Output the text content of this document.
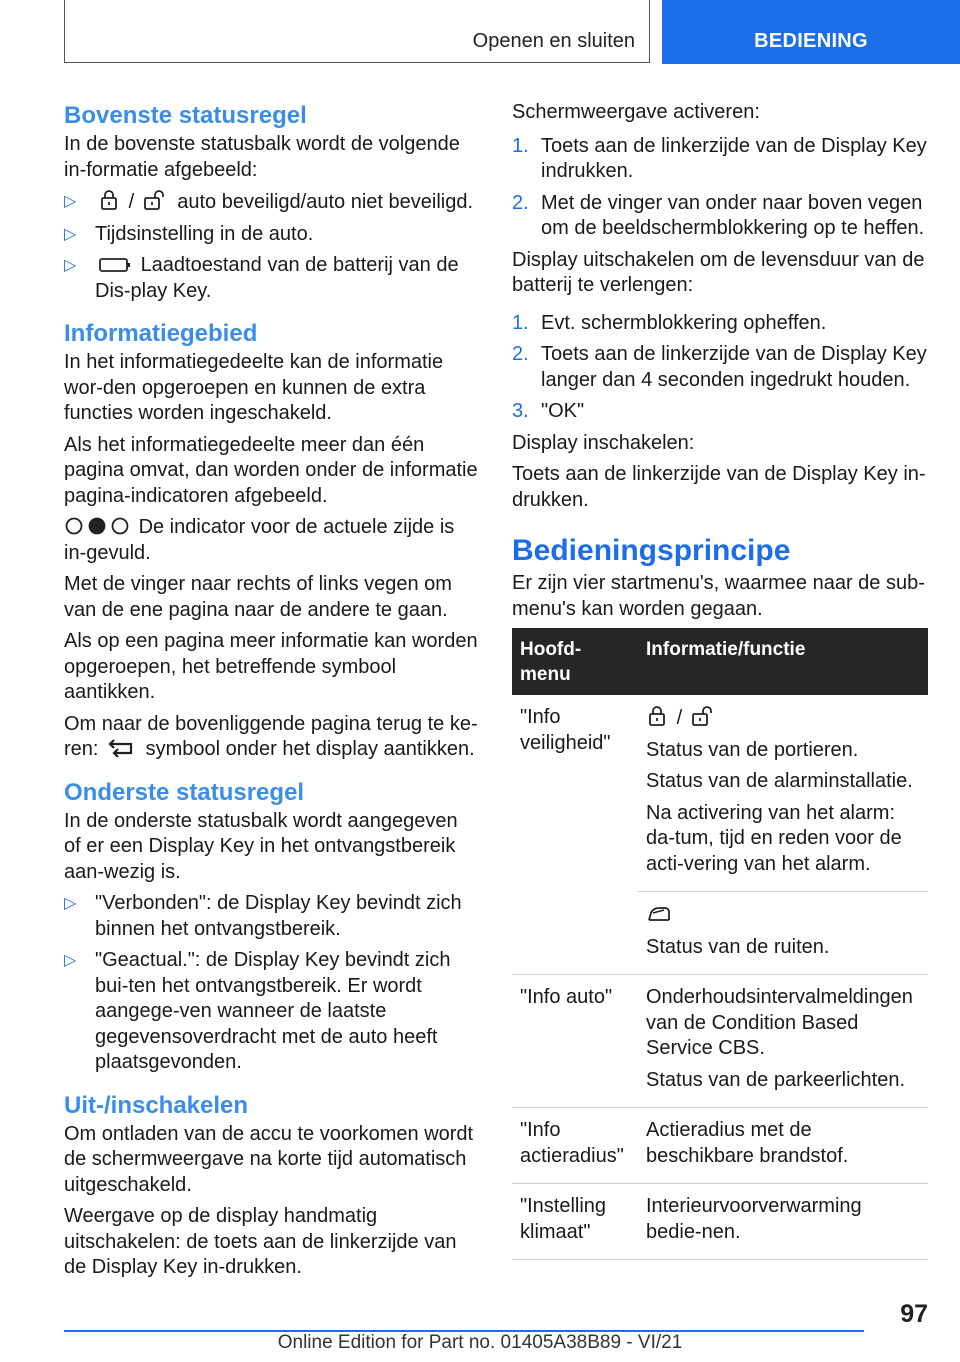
Openen en sluiten	BEDIENING
Bovenste statusregel

In de bovenste statusbalk wordt de volgende in-formatie afgebeeld:

▷	/ auto beveiligd/auto niet beveiligd.
▷ Tijdsinstelling in de auto.
▷	Laadtoestand van de batterij van de Dis-play Key.
Informatiegebied

In het informatiegedeelte kan de informatie wor-den opgeroepen en kunnen de extra functies worden ingeschakeld.

Als het informatiegedeelte meer dan één pagina omvat, dan worden onder de informatie pagina-indicatoren afgebeeld.

De indicator voor de actuele zijde is in-gevuld.

Met de vinger naar rechts of links vegen om van de ene pagina naar de andere te gaan.

Als op een pagina meer informatie kan worden opgeroepen, het betreffende symbool aantikken.

Om naar de bovenliggende pagina terug te ke-ren: symbool onder het display aantikken.

Onderste statusregel

In de onderste statusbalk wordt aangegeven of er een Display Key in het ontvangstbereik aan-wezig is.

▷ "Verbonden": de Display Key bevindt zich binnen het ontvangstbereik.
▷ "Geactual.": de Display Key bevindt zich bui-ten het ontvangstbereik. Er wordt aangege-ven wanneer de laatste gegevensoverdracht met de auto heeft plaatsgevonden.
Uit-/inschakelen

Om ontladen van de accu te voorkomen wordt de schermweergave na korte tijd automatisch uitgeschakeld.

Weergave op de display handmatig uitschakelen: de toets aan de linkerzijde van de Display Key in-drukken.

Schermweergave activeren:

1. Toets aan de linkerzijde van de Display Key indrukken.
2. Met de vinger van onder naar boven vegen om de beeldschermblokkering op te heffen.

Display uitschakelen om de levensduur van de batterij te verlengen:

1. Evt. schermblokkering opheffen.
2. Toets aan de linkerzijde van de Display Key langer dan 4 seconden ingedrukt houden.
3. "OK"

Display inschakelen:

Toets aan de linkerzijde van de Display Key in-drukken.

Bedieningsprincipe

Er zijn vier startmenu's, waarmee naar de sub-menu's kan worden gegaan.

Hoofd-menu	Informatie/functie
"Info veiligheid"	/

Status van de portieren.

Status van de alarminstallatie.

Na activering van het alarm: da-tum, tijd en reden voor de acti-vering van het alarm.

	Status van de ruiten.

"Info auto"	Onderhoudsintervalmeldingen van de Condition Based Service CBS.

Status van de parkeerlichten.

"Info actieradius"	Actieradius met de beschikbare brandstof.

"Instelling klimaat"	Interieurvoorverwarming bedie-nen.

97
Online Edition for Part no. 01405A38B89 - VI/21
